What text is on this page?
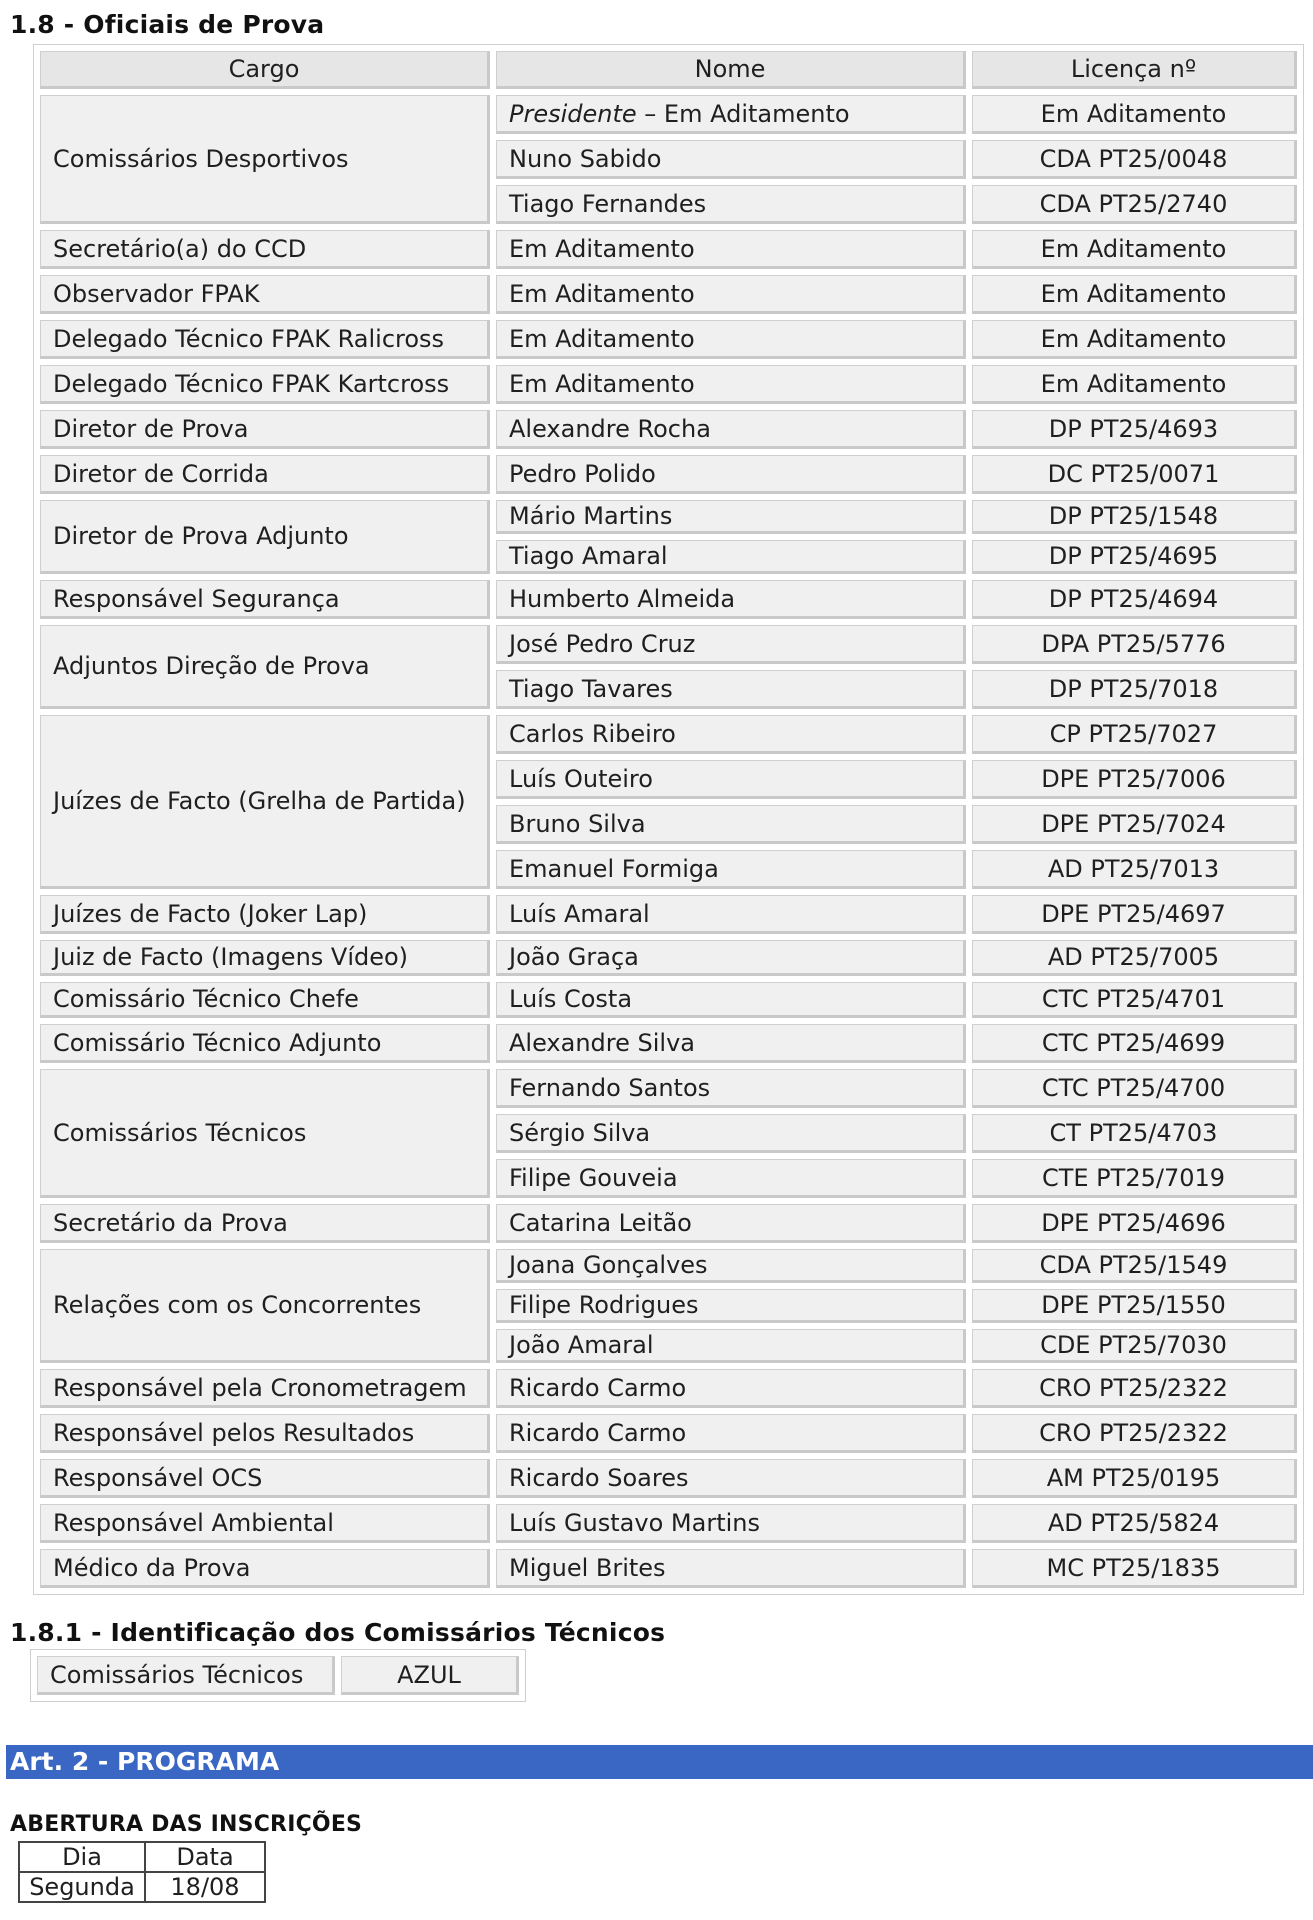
1.8 - Oficiais de Prova
Cargo	Nome	Licença nº
Comissários Desportivos	Presidente – Em Aditamento	Em Aditamento
	Nuno Sabido	CDA PT25/0048
	Tiago Fernandes	CDA PT25/2740
Secretário(a) do CCD	Em Aditamento	Em Aditamento
Observador FPAK	Em Aditamento	Em Aditamento
Delegado Técnico FPAK Ralicross	Em Aditamento	Em Aditamento
Delegado Técnico FPAK Kartcross	Em Aditamento	Em Aditamento
Diretor de Prova	Alexandre Rocha	DP PT25/4693
Diretor de Corrida	Pedro Polido	DC PT25/0071
Diretor de Prova Adjunto	Mário Martins	DP PT25/1548
	Tiago Amaral	DP PT25/4695
Responsável Segurança	Humberto Almeida	DP PT25/4694
Adjuntos Direção de Prova	José Pedro Cruz	DPA PT25/5776
	Tiago Tavares	DP PT25/7018
Juízes de Facto (Grelha de Partida)	Carlos Ribeiro	CP PT25/7027
	Luís Outeiro	DPE PT25/7006
	Bruno Silva	DPE PT25/7024
	Emanuel Formiga	AD PT25/7013
Juízes de Facto (Joker Lap)	Luís Amaral	DPE PT25/4697
Juiz de Facto (Imagens Vídeo)	João Graça	AD PT25/7005
Comissário Técnico Chefe	Luís Costa	CTC PT25/4701
Comissário Técnico Adjunto	Alexandre Silva	CTC PT25/4699
Comissários Técnicos	Fernando Santos	CTC PT25/4700
	Sérgio Silva	CT PT25/4703
	Filipe Gouveia	CTE PT25/7019
Secretário da Prova	Catarina Leitão	DPE PT25/4696
Relações com os Concorrentes	Joana Gonçalves	CDA PT25/1549
	Filipe Rodrigues	DPE PT25/1550
	João Amaral	CDE PT25/7030
Responsável pela Cronometragem	Ricardo Carmo	CRO PT25/2322
Responsável pelos Resultados	Ricardo Carmo	CRO PT25/2322
Responsável OCS	Ricardo Soares	AM PT25/0195
Responsável Ambiental	Luís Gustavo Martins	AD PT25/5824
Médico da Prova	Miguel Brites	MC PT25/1835
1.8.1 - Identificação dos Comissários Técnicos
Comissários Técnicos	AZUL
Art. 2 - PROGRAMA
ABERTURA DAS INSCRIÇÕES
Dia	Data
Segunda	18/08
